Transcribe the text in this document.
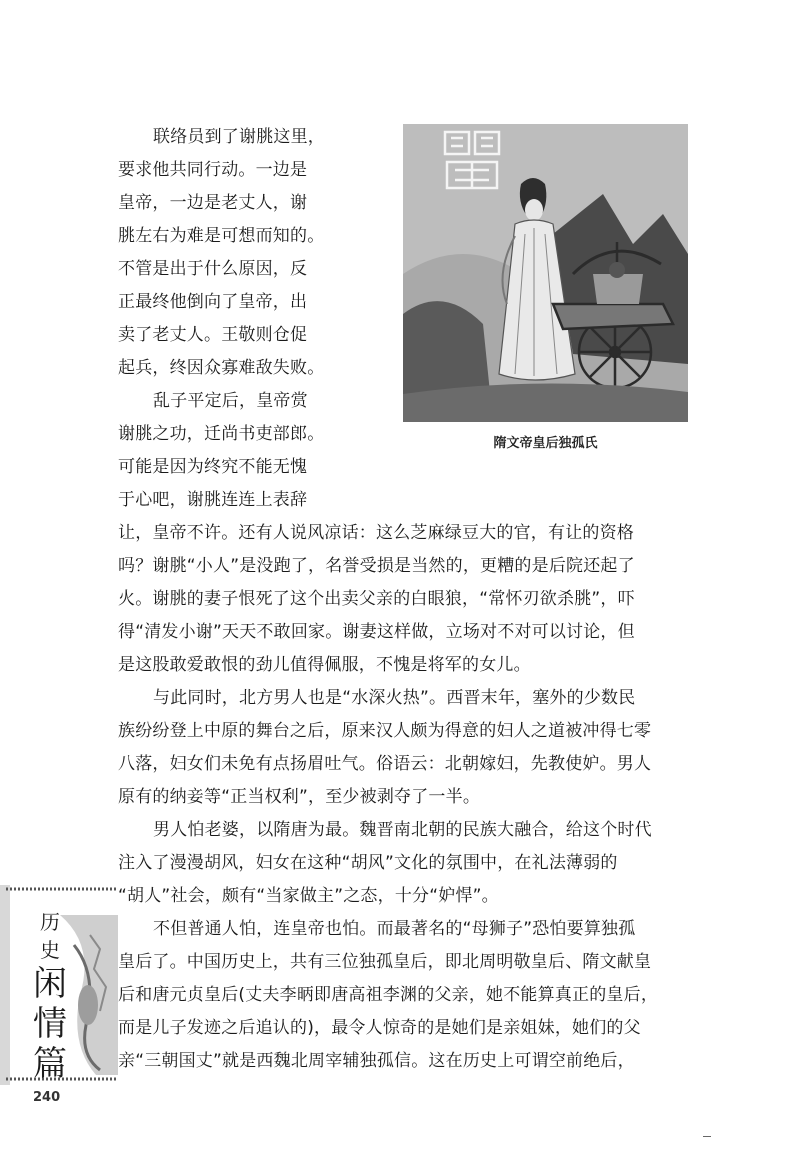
联络员到了谢朓这里，
要求他共同行动。一边是
皇帝，一边是老丈人，谢
朓左右为难是可想而知的。
不管是出于什么原因，反
正最终他倒向了皇帝，出
卖了老丈人。王敬则仓促
起兵，终因众寡难敌失败。
乱子平定后，皇帝赏
谢朓之功，迁尚书吏部郎。
可能是因为终究不能无愧
于心吧，谢朓连连上表辞
让，皇帝不许。还有人说风凉话：这么芝麻绿豆大的官，有让的资格
吗？谢朓“小人”是没跑了，名誉受损是当然的，更糟的是后院还起了
火。谢朓的妻子恨死了这个出卖父亲的白眼狼，“常怀刃欲杀朓”，吓
得“清发小谢”天天不敢回家。谢妻这样做，立场对不对可以讨论，但
是这股敢爱敢恨的劲儿值得佩服，不愧是将军的女儿。
与此同时，北方男人也是“水深火热”。西晋末年，塞外的少数民
族纷纷登上中原的舞台之后，原来汉人颇为得意的妇人之道被冲得七零
八落，妇女们未免有点扬眉吐气。俗语云：北朝嫁妇，先教使妒。男人
原有的纳妾等“正当权利”，至少被剥夺了一半。
男人怕老婆，以隋唐为最。魏晋南北朝的民族大融合，给这个时代
注入了漫漫胡风，妇女在这种“胡风”文化的氛围中，在礼法薄弱的
“胡人”社会，颇有“当家做主”之态，十分“妒悍”。
不但普通人怕，连皇帝也怕。而最著名的“母狮子”恐怕要算独孤
皇后了。中国历史上，共有三位独孤皇后，即北周明敬皇后、隋文献皇
后和唐元贞皇后(丈夫李昞即唐高祖李渊的父亲，她不能算真正的皇后，
而是儿子发迹之后追认的)，最令人惊奇的是她们是亲姐妹，她们的父
亲“三朝国丈”就是西魏北周宰辅独孤信。这在历史上可谓空前绝后，
隋文帝皇后独孤氏
历
史
闲
情
篇
240
